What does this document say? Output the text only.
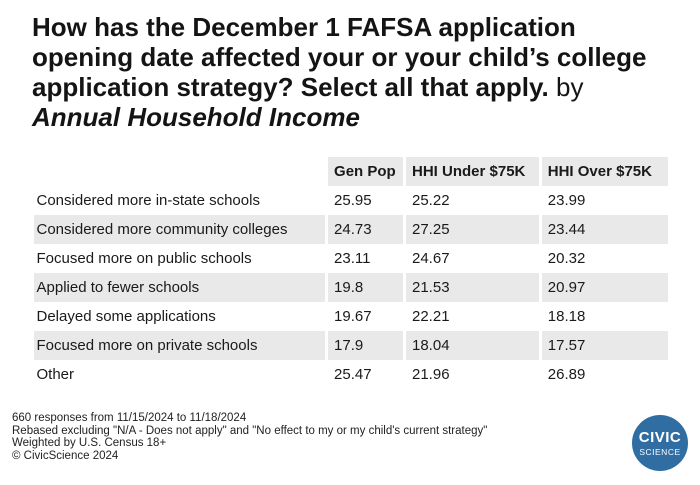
How has the December 1 FAFSA application opening date affected your or your child’s college application strategy? Select all that apply. by
Annual Household Income
	Gen Pop	HHI Under $75K	HHI Over $75K
Considered more in-state schools	25.95	25.22	23.99
Considered more community colleges	24.73	27.25	23.44
Focused more on public schools	23.11	24.67	20.32
Applied to fewer schools	19.8	21.53	20.97
Delayed some applications	19.67	22.21	18.18
Focused more on private schools	17.9	18.04	17.57
Other	25.47	21.96	26.89
660 responses from 11/15/2024 to 11/18/2024
Rebased excluding "N/A - Does not apply" and "No effect to my or my child's current strategy"
Weighted by U.S. Census 18+
© CivicScience 2024
CIVIC
SCIENCE
